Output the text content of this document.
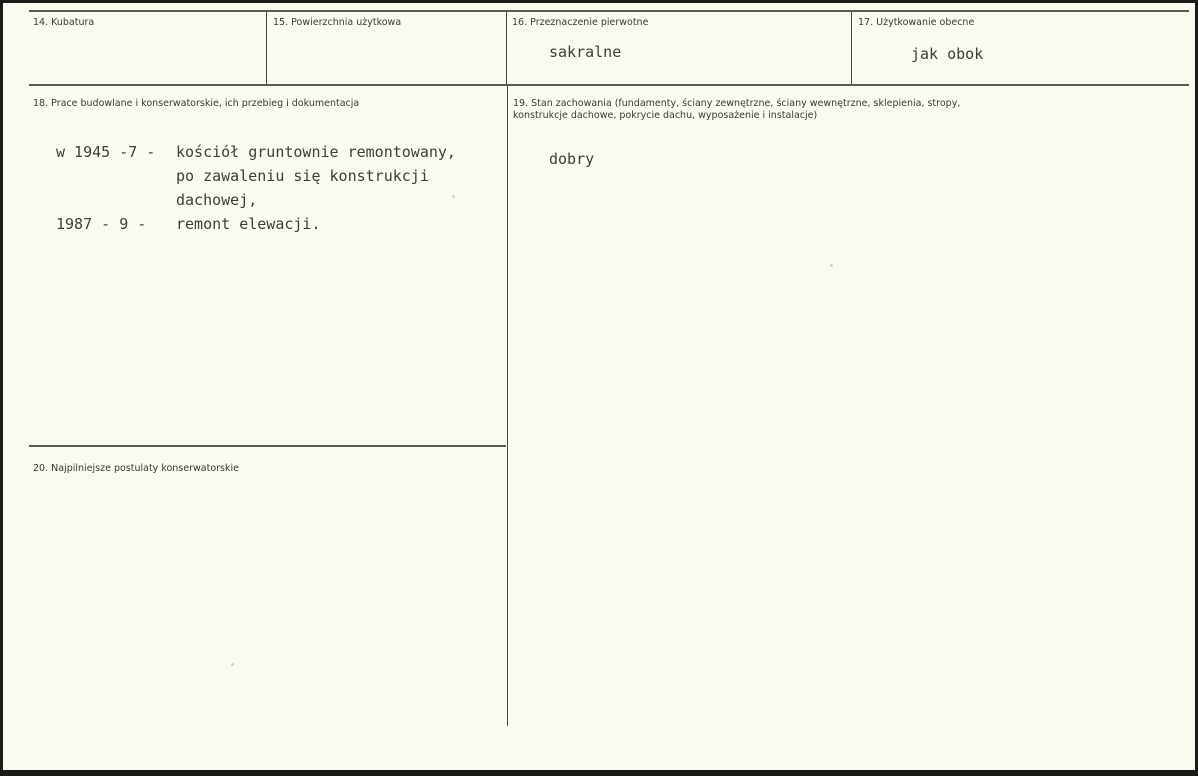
14. Kubatura	15. Powierzchnia użytkowa	16. Przeznaczenie pierwotne
sakralne
17. Użytkowanie obecne
jak obok
18. Prace budowlane i konserwatorskie, ich przebieg i dokumentacja
w 1945 -7 - kościół gruntownie remontowany,
po zawaleniu się konstrukcji
dachowej,
1987 - 9 - remont elewacji.
19. Stan zachowania (fundamenty, ściany zewnętrzne, ściany wewnętrzne, sklepienia, stropy,
konstrukcje dachowe, pokrycie dachu, wyposażenie i instalacje)
dobry
20. Najpilniejsze postulaty konserwatorskie
